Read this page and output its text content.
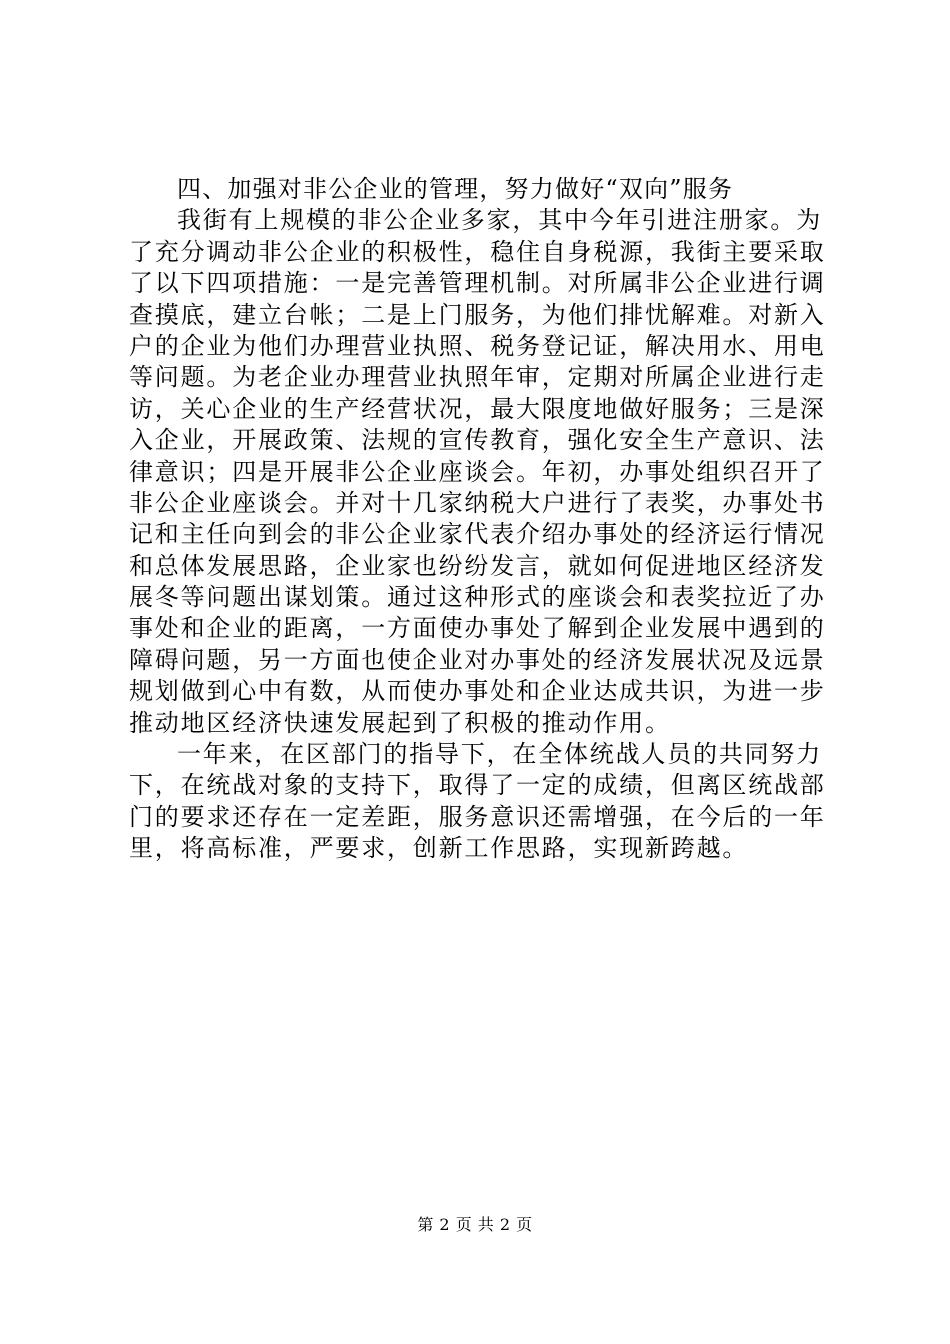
四、加强对非公企业的管理，努力做好“双向”服务
我街有上规模的非公企业多家，其中今年引进注册家。为
了充分调动非公企业的积极性，稳住自身税源，我街主要采取
了以下四项措施：一是完善管理机制。对所属非公企业进行调
查摸底，建立台帐；二是上门服务，为他们排忧解难。对新入
户的企业为他们办理营业执照、税务登记证，解决用水、用电
等问题。为老企业办理营业执照年审，定期对所属企业进行走
访，关心企业的生产经营状况，最大限度地做好服务；三是深
入企业，开展政策、法规的宣传教育，强化安全生产意识、法
律意识；四是开展非公企业座谈会。年初，办事处组织召开了
非公企业座谈会。并对十几家纳税大户进行了表奖，办事处书
记和主任向到会的非公企业家代表介绍办事处的经济运行情况
和总体发展思路，企业家也纷纷发言，就如何促进地区经济发
展冬等问题出谋划策。通过这种形式的座谈会和表奖拉近了办
事处和企业的距离，一方面使办事处了解到企业发展中遇到的
障碍问题，另一方面也使企业对办事处的经济发展状况及远景
规划做到心中有数，从而使办事处和企业达成共识，为进一步
推动地区经济快速发展起到了积极的推动作用。
一年来，在区部门的指导下，在全体统战人员的共同努力
下，在统战对象的支持下，取得了一定的成绩，但离区统战部
门的要求还存在一定差距，服务意识还需增强，在今后的一年
里，将高标准，严要求，创新工作思路，实现新跨越。
第 2 页 共 2 页
